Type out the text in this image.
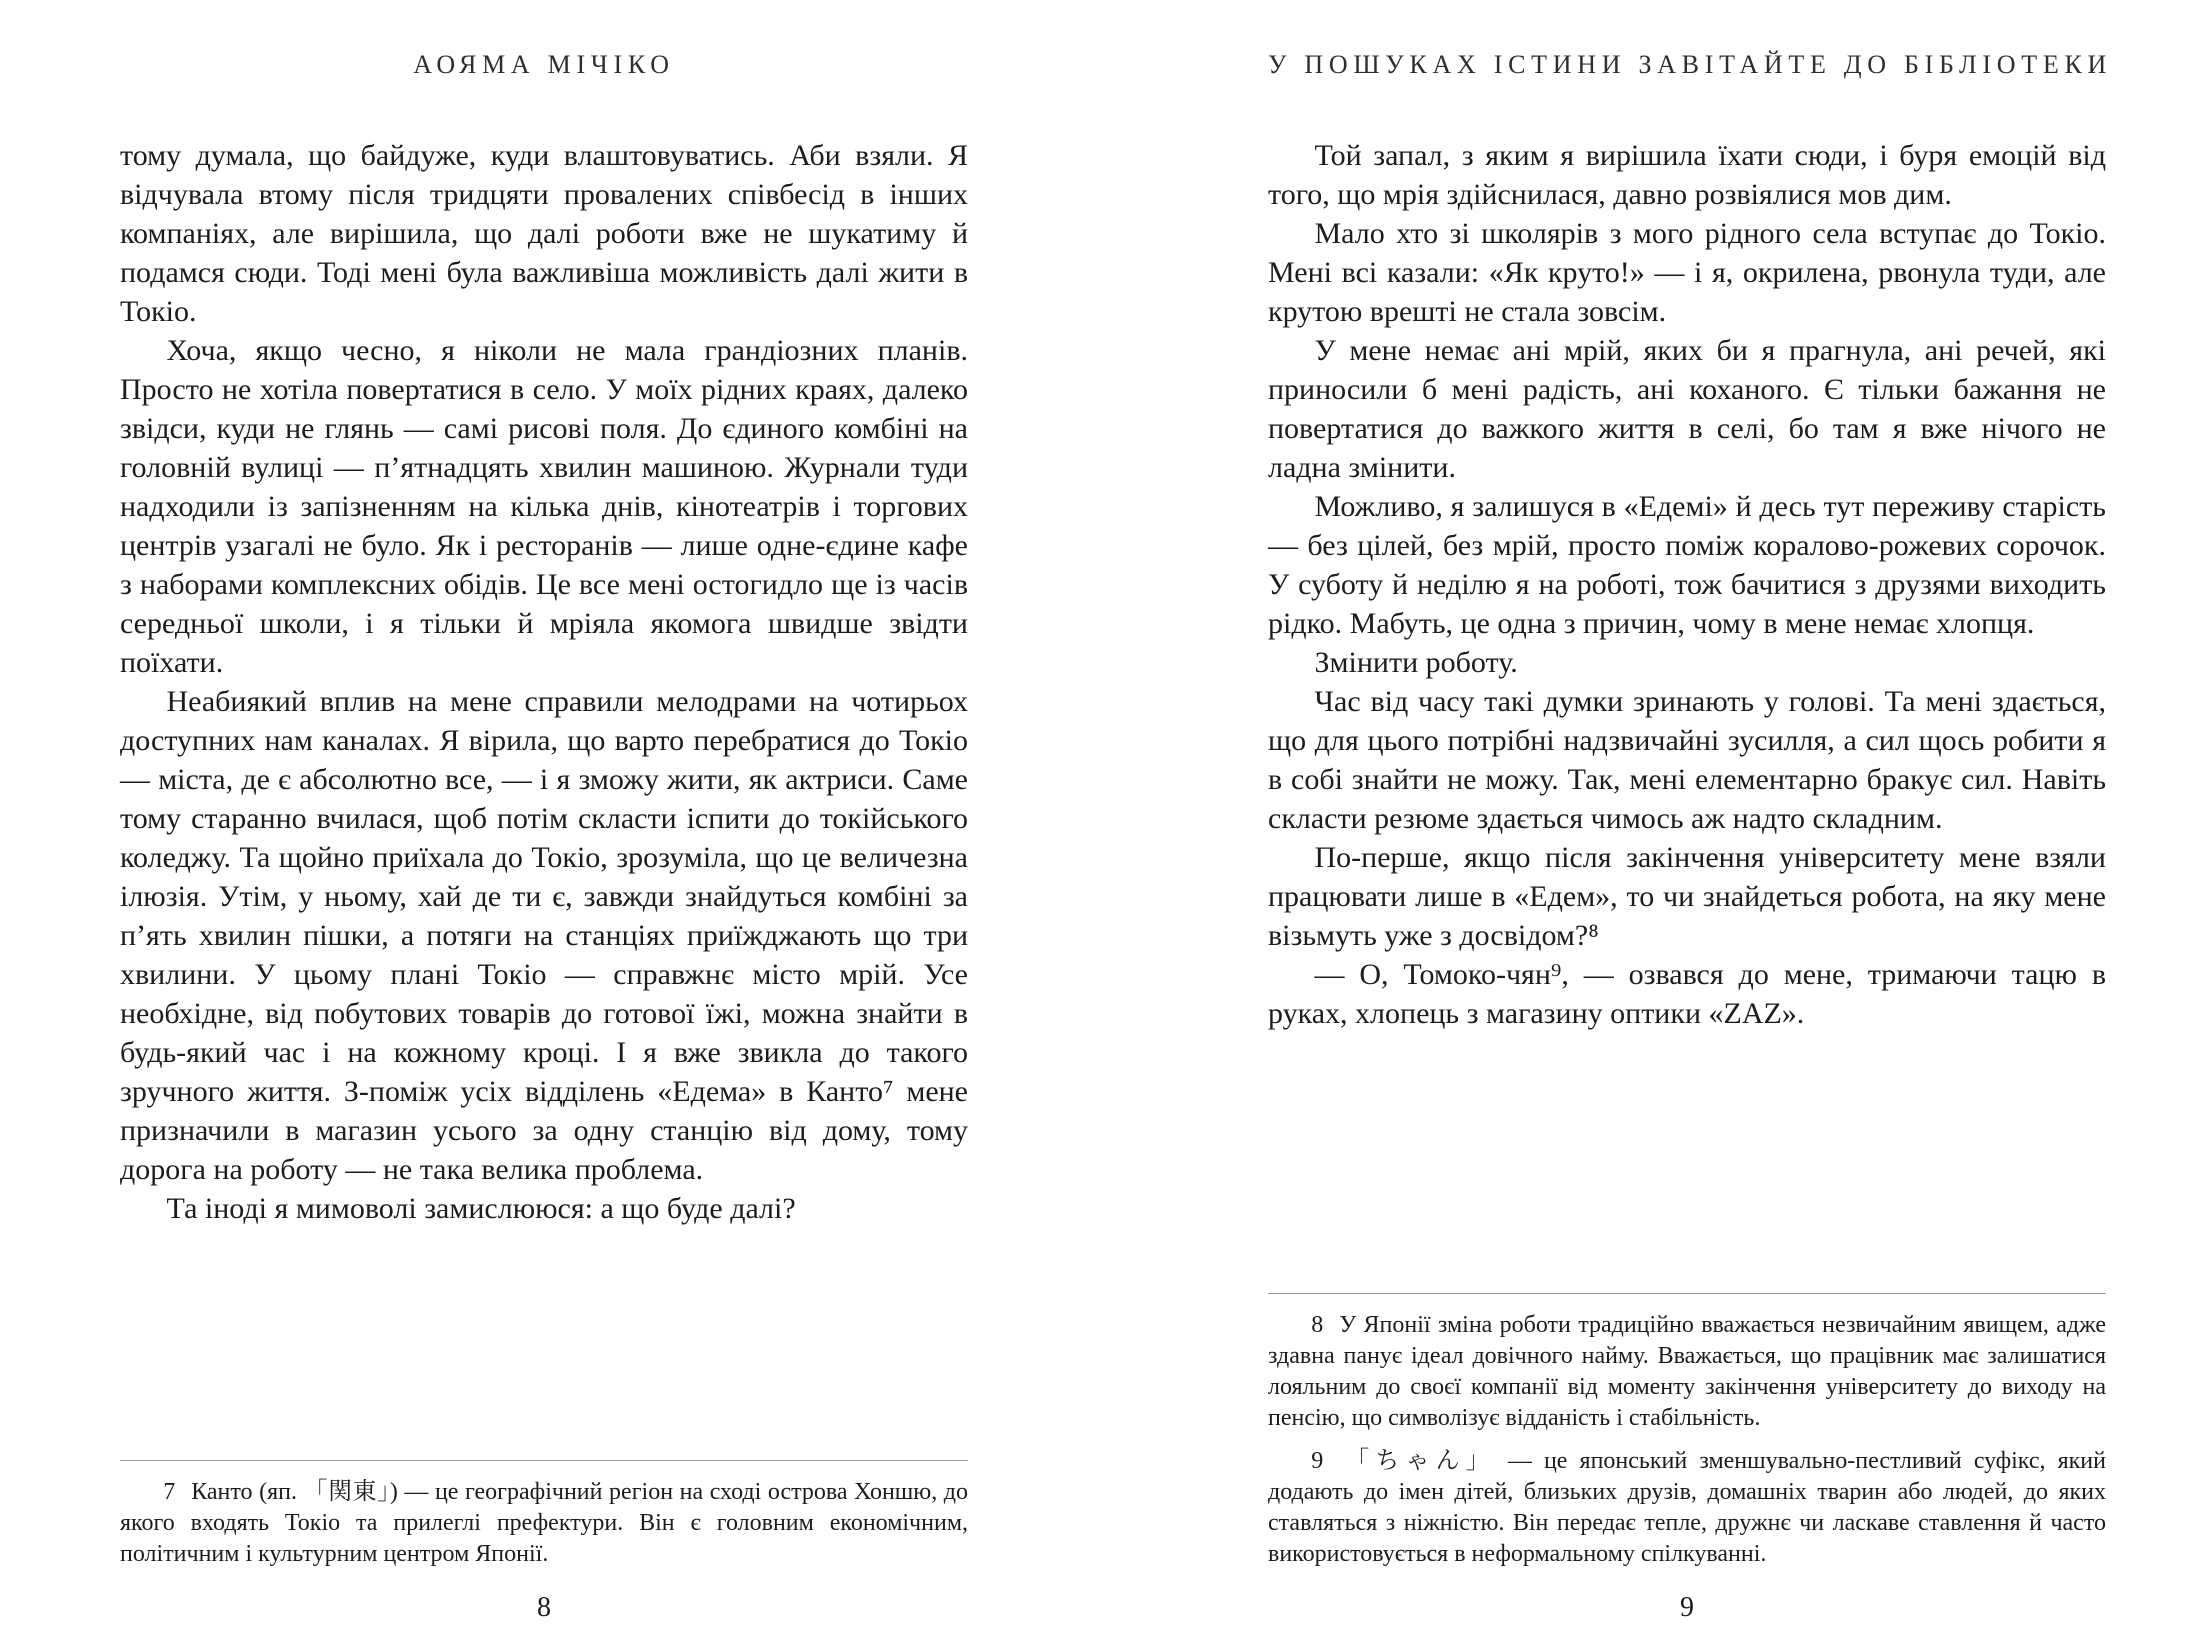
АОЯМА МІЧІКО

тому думала, що байдуже, куди влаштовуватись. Аби взяли. Я відчувала втому після тридцяти провалених співбесід в інших компаніях, але вирішила, що далі роботи вже не шукатиму й подамся сюди. Тоді мені була важливіша можливість далі жити в Токіо.

Хоча, якщо чесно, я ніколи не мала грандіозних планів. Просто не хотіла повертатися в село. У моїх рідних краях, далеко звідси, куди не глянь — самі рисові поля. До єдиного комбіні на головній вулиці — п’ятнадцять хвилин машиною. Журнали туди надходили із запізненням на кілька днів, кінотеатрів і торгових центрів узагалі не було. Як і ресторанів — лише одне-єдине кафе з наборами комплексних обідів. Це все мені остогидло ще із часів середньої школи, і я тільки й мріяла якомога швидше звідти поїхати.

Неабиякий вплив на мене справили мелодрами на чотирьох доступних нам каналах. Я вірила, що варто перебратися до Токіо — міста, де є абсолютно все, — і я зможу жити, як актриси. Саме тому старанно вчилася, щоб потім скласти іспити до токійського коледжу. Та щойно приїхала до Токіо, зрозуміла, що це величезна ілюзія. Утім, у ньому, хай де ти є, завжди знайдуться комбіні за п’ять хвилин пішки, а потяги на станціях приїжджають що три хвилини. У цьому плані Токіо — справжнє місто мрій. Усе необхідне, від побутових товарів до готової їжі, можна знайти в будь-який час і на кожному кроці. І я вже звикла до такого зручного життя. З-поміж усіх відділень «Едема» в Канто⁷ мене призначили в магазин усього за одну станцію від дому, тому дорога на роботу — не така велика проблема.

Та іноді я мимоволі замислююся: а що буде далі?

7 Канто (яп. 「関東」) — це географічний регіон на сході острова Хоншю, до якого входять Токіо та прилеглі префектури. Він є головним економічним, політичним і культурним центром Японії.

8
У ПОШУКАХ ІСТИНИ ЗАВІТАЙТЕ ДО БІБЛІОТЕКИ

Той запал, з яким я вирішила їхати сюди, і буря емоцій від того, що мрія здійснилася, давно розвіялися мов дим.

Мало хто зі школярів з мого рідного села вступає до Токіо. Мені всі казали: «Як круто!» — і я, окрилена, рвонула туди, але крутою врешті не стала зовсім.

У мене немає ані мрій, яких би я прагнула, ані речей, які приносили б мені радість, ані коханого. Є тільки бажання не повертатися до важкого життя в селі, бо там я вже нічого не ладна змінити.

Можливо, я залишуся в «Едемі» й десь тут переживу старість — без цілей, без мрій, просто поміж коралово-рожевих сорочок. У суботу й неділю я на роботі, тож бачитися з друзями виходить рідко. Мабуть, це одна з причин, чому в мене немає хлопця.

Змінити роботу.

Час від часу такі думки зринають у голові. Та мені здається, що для цього потрібні надзвичайні зусилля, а сил щось робити я в собі знайти не можу. Так, мені елементарно бракує сил. Навіть скласти резюме здається чимось аж надто складним.

По-перше, якщо після закінчення університету мене взяли працювати лише в «Едем», то чи знайдеться робота, на яку мене візьмуть уже з досвідом?⁸

— О, Томоко-чян⁹, — озвався до мене, тримаючи тацю в руках, хлопець з магазину оптики «ZAZ».

8 У Японії зміна роботи традиційно вважається незвичайним явищем, адже здавна панує ідеал довічного найму. Вважається, що працівник має залишатися лояльним до своєї компанії від моменту закінчення університету до виходу на пенсію, що символізує відданість і стабільність.

9 「ちゃん」 — це японський зменшувально-пестливий суфікс, який додають до імен дітей, близьких друзів, домашніх тварин або людей, до яких ставляться з ніжністю. Він передає тепле, дружнє чи ласкаве ставлення й часто використовується в неформальному спілкуванні.

9
